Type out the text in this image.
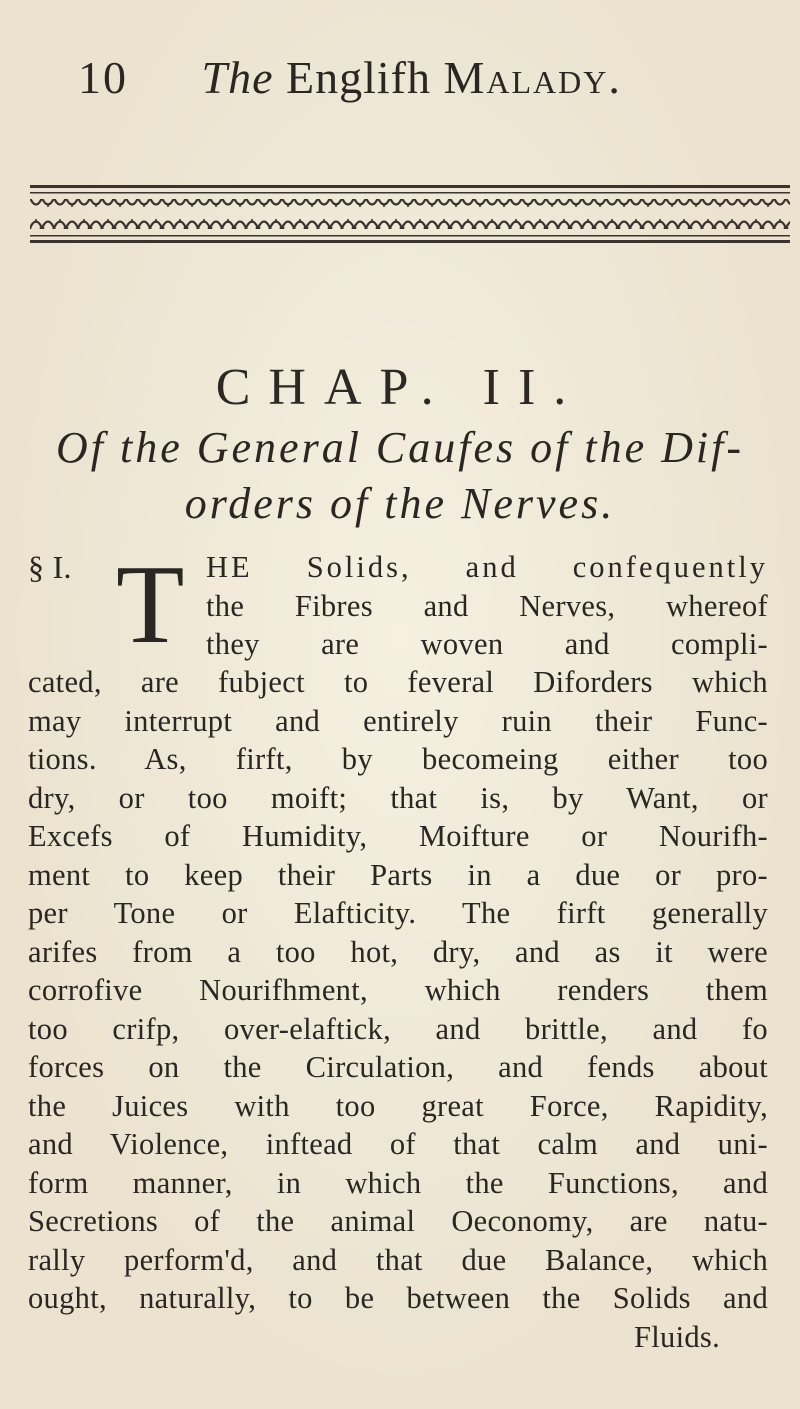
10 The Englifh Malady.
CHAP. II.
Of the General Caufes of the Dif-
orders of the Nerves.
§ I. T HE Solids, and confequently
the Fibres and Nerves, whereof
they are woven and compli-
cated, are fubject to feveral Diforders which
may interrupt and entirely ruin their Func-
tions. As, firft, by becomeing either too
dry, or too moift; that is, by Want, or
Excefs of Humidity, Moifture or Nourifh-
ment to keep their Parts in a due or pro-
per Tone or Elafticity. The firft generally
arifes from a too hot, dry, and as it were
corrofive Nourifhment, which renders them
too crifp, over-elaftick, and brittle, and fo
forces on the Circulation, and fends about
the Juices with too great Force, Rapidity,
and Violence, inftead of that calm and uni-
form manner, in which the Functions, and
Secretions of the animal Oeconomy, are natu-
rally perform'd, and that due Balance, which
ought, naturally, to be between the Solids and
Fluids.
